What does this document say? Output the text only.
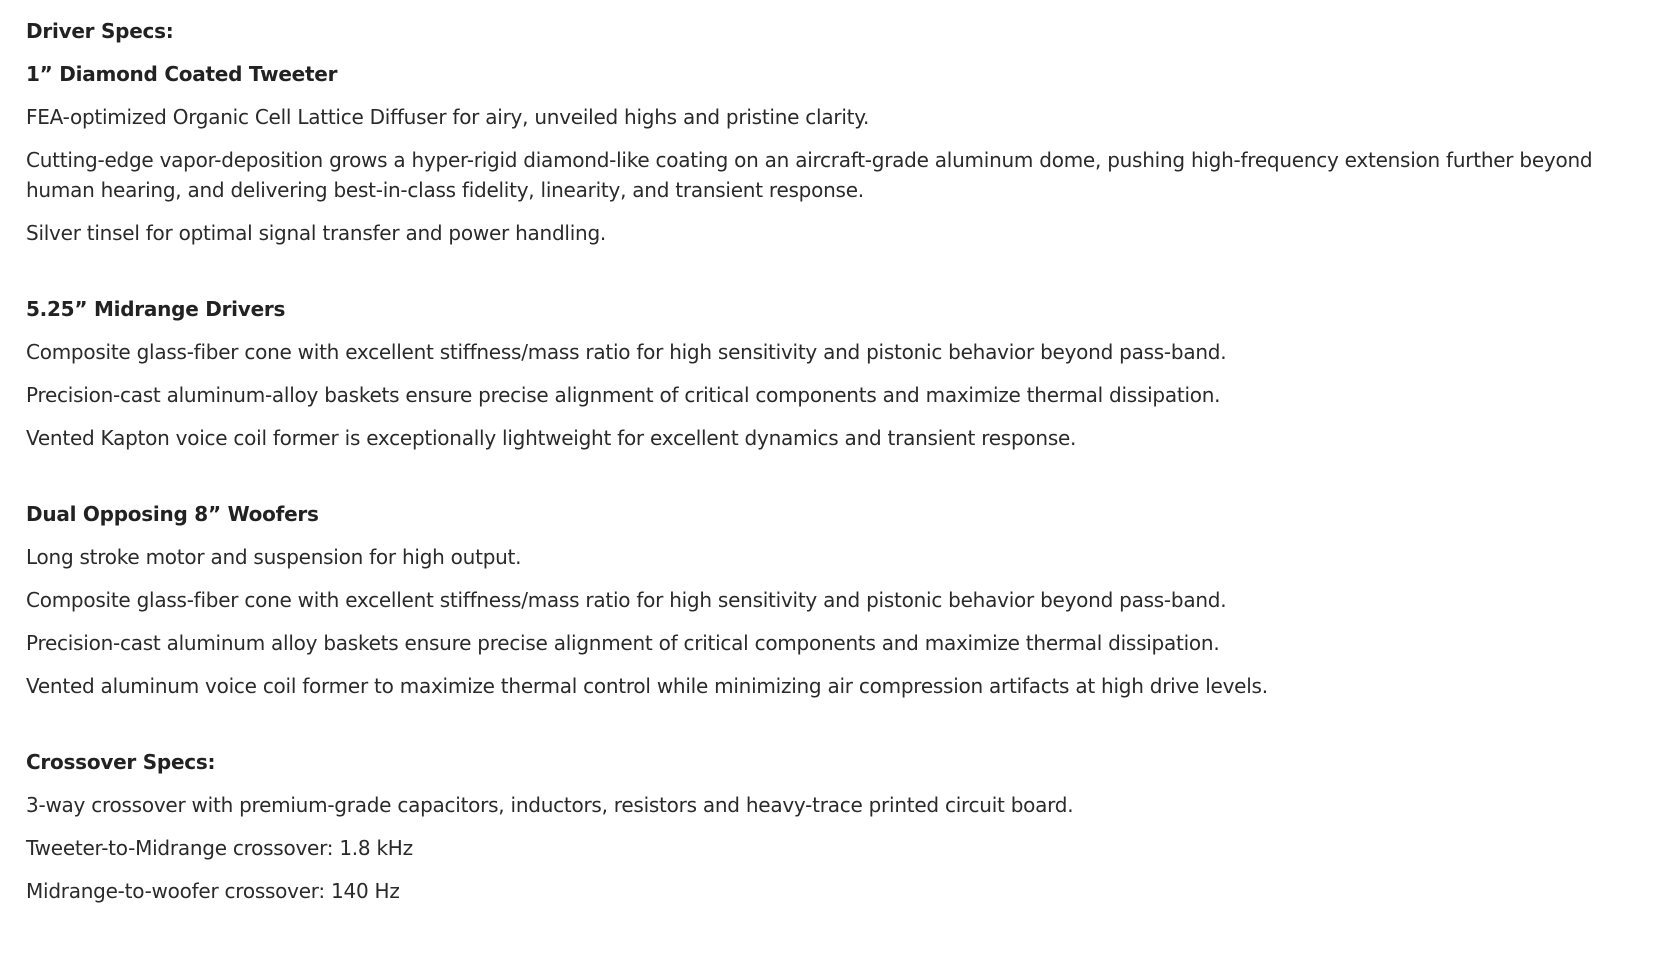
Driver Specs:
1” Diamond Coated Tweeter
FEA-optimized Organic Cell Lattice Diffuser for airy, unveiled highs and pristine clarity.
Cutting-edge vapor-deposition grows a hyper-rigid diamond-like coating on an aircraft-grade aluminum dome, pushing high-frequency extension further beyond human hearing, and delivering best-in-class fidelity, linearity, and transient response.
Silver tinsel for optimal signal transfer and power handling.
5.25” Midrange Drivers
Composite glass-fiber cone with excellent stiffness/mass ratio for high sensitivity and pistonic behavior beyond pass-band.
Precision-cast aluminum-alloy baskets ensure precise alignment of critical components and maximize thermal dissipation.
Vented Kapton voice coil former is exceptionally lightweight for excellent dynamics and transient response.
Dual Opposing 8” Woofers
Long stroke motor and suspension for high output.
Composite glass-fiber cone with excellent stiffness/mass ratio for high sensitivity and pistonic behavior beyond pass-band.
Precision-cast aluminum alloy baskets ensure precise alignment of critical components and maximize thermal dissipation.
Vented aluminum voice coil former to maximize thermal control while minimizing air compression artifacts at high drive levels.
Crossover Specs:
3-way crossover with premium-grade capacitors, inductors, resistors and heavy-trace printed circuit board.
Tweeter-to-Midrange crossover: 1.8 kHz
Midrange-to-woofer crossover: 140 Hz
